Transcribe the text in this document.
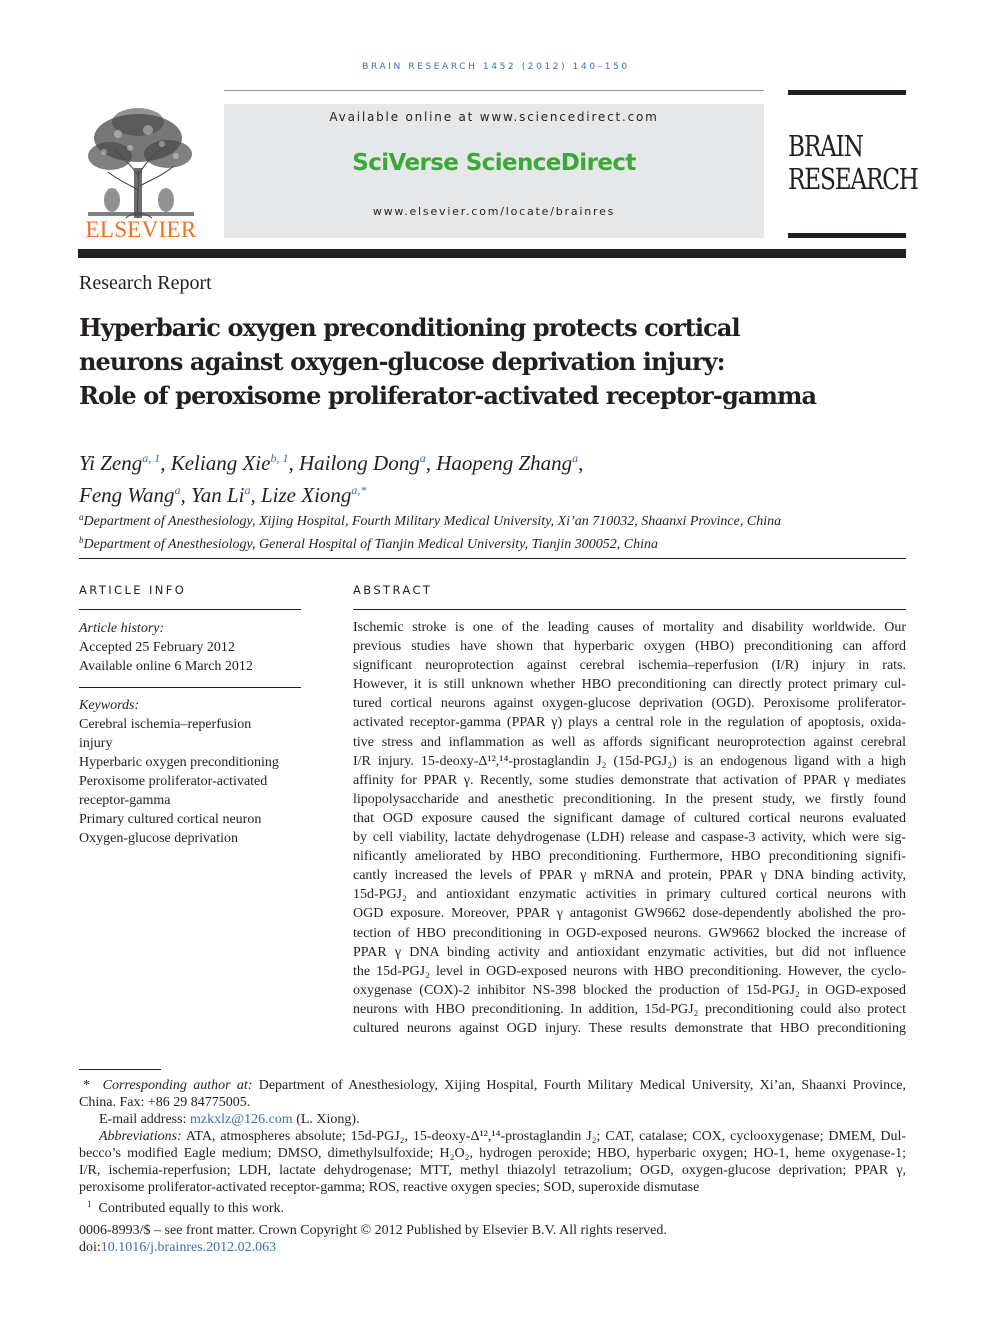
BRAIN RESEARCH 1452 (2012) 140–150
ELSEVIER
Available online at www.sciencedirect.com
SciVerse ScienceDirect
www.elsevier.com/locate/brainres
BRAIN
RESEARCH
Research Report
Hyperbaric oxygen preconditioning protects cortical
neurons against oxygen-glucose deprivation injury:
Role of peroxisome proliferator-activated receptor-gamma
Yi Zeng$^{a, 1}$, Keliang Xie$^{b, 1}$, Hailong Dong$^a$, Haopeng Zhang$^a$,
Feng Wang$^a$, Yan Li$^a$, Lize Xiong$^{a,*}$
$^a$Department of Anesthesiology, Xijing Hospital, Fourth Military Medical University, Xi’an 710032, Shaanxi Province, China
$^b$Department of Anesthesiology, General Hospital of Tianjin Medical University, Tianjin 300052, China
ARTICLE INFO
Article history:
Accepted 25 February 2012
Available online 6 March 2012
Keywords:
Cerebral ischemia–reperfusion
injury
Hyperbaric oxygen preconditioning
Peroxisome proliferator-activated
receptor-gamma
Primary cultured cortical neuron
Oxygen-glucose deprivation
ABSTRACT
Ischemic stroke is one of the leading causes of mortality and disability worldwide. Our
previous studies have shown that hyperbaric oxygen (HBO) preconditioning can afford
significant neuroprotection against cerebral ischemia–reperfusion (I/R) injury in rats.
However, it is still unknown whether HBO preconditioning can directly protect primary cul-
tured cortical neurons against oxygen-glucose deprivation (OGD). Peroxisome proliferator-
activated receptor-gamma (PPAR γ) plays a central role in the regulation of apoptosis, oxida-
tive stress and inflammation as well as affords significant neuroprotection against cerebral
I/R injury. 15-deoxy-Δ¹²,¹⁴-prostaglandin J₂ (15d-PGJ₂) is an endogenous ligand with a high
affinity for PPAR γ. Recently, some studies demonstrate that activation of PPAR γ mediates
lipopolysaccharide and anesthetic preconditioning. In the present study, we firstly found
that OGD exposure caused the significant damage of cultured cortical neurons evaluated
by cell viability, lactate dehydrogenase (LDH) release and caspase-3 activity, which were sig-
nificantly ameliorated by HBO preconditioning. Furthermore, HBO preconditioning signifi-
cantly increased the levels of PPAR γ mRNA and protein, PPAR γ DNA binding activity,
15d-PGJ₂ and antioxidant enzymatic activities in primary cultured cortical neurons with
OGD exposure. Moreover, PPAR γ antagonist GW9662 dose-dependently abolished the pro-
tection of HBO preconditioning in OGD-exposed neurons. GW9662 blocked the increase of
PPAR γ DNA binding activity and antioxidant enzymatic activities, but did not influence
the 15d-PGJ₂ level in OGD-exposed neurons with HBO preconditioning. However, the cyclo-
oxygenase (COX)-2 inhibitor NS-398 blocked the production of 15d-PGJ₂ in OGD-exposed
neurons with HBO preconditioning. In addition, 15d-PGJ₂ preconditioning could also protect
cultured neurons against OGD injury. These results demonstrate that HBO preconditioning
* Corresponding author at: Department of Anesthesiology, Xijing Hospital, Fourth Military Medical University, Xi’an, Shaanxi Province,
China. Fax: +86 29 84775005.
E-mail address: mzkxlz@126.com (L. Xiong).
Abbreviations: ATA, atmospheres absolute; 15d-PGJ₂, 15-deoxy-Δ¹²,¹⁴-prostaglandin J₂; CAT, catalase; COX, cyclooxygenase; DMEM, Dul-
becco’s modified Eagle medium; DMSO, dimethylsulfoxide; H₂O₂, hydrogen peroxide; HBO, hyperbaric oxygen; HO-1, heme oxygenase-1;
I/R, ischemia-reperfusion; LDH, lactate dehydrogenase; MTT, methyl thiazolyl tetrazolium; OGD, oxygen-glucose deprivation; PPAR γ,
peroxisome proliferator-activated receptor-gamma; ROS, reactive oxygen species; SOD, superoxide dismutase
$^1$ Contributed equally to this work.
0006-8993/$ – see front matter. Crown Copyright © 2012 Published by Elsevier B.V. All rights reserved.
doi:10.1016/j.brainres.2012.02.063
